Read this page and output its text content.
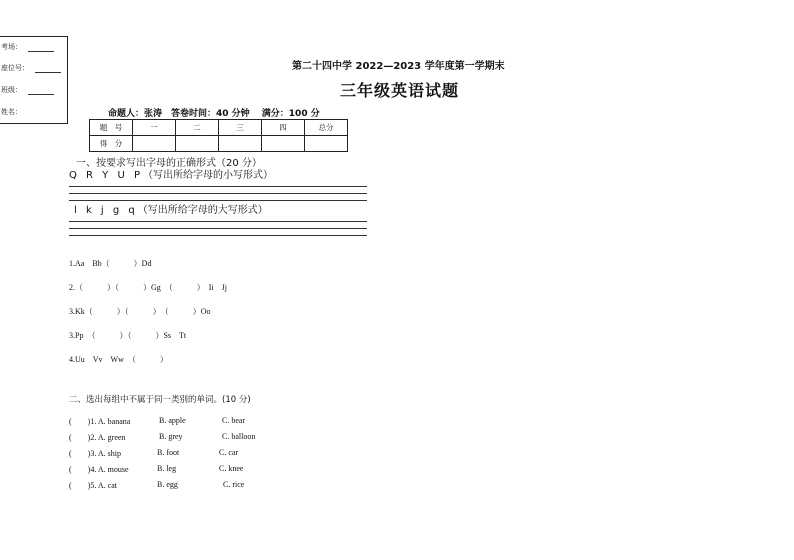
考场：
座位号：
班级：
姓名：
第二十四中学 2022—2023 学年度第一学期末
三年级英语试题
命题人：张涛　答卷时间：40 分钟　 满分：100 分
题　号	一	二	三	四	总分
得　分					
一、按要求写出字母的正确形式（20 分）
Q R Y U P（写出所给字母的小写形式）
l k j g q（写出所给字母的大写形式）
1.Aa　Bb（　　　）Dd
2.（　　　）（　　　）Gg　（　　　）　Ii　Jj
3.Kk（　　　）（　　　）　（　　　）Oo
3.Pp　（　　　）（　　　）Ss　Tt
4.Uu　Vv　Ww　（　　　）
二、选出每组中不属于同一类别的单词。(10 分)
(　　)1. A. banana	B. apple	C. bear
(　　)2. A. green	B. grey	C. balloon
(　　)3. A. ship	B. foot	C. car
(　　)4. A. mouse	B. leg	C. knee
(　　)5. A. cat	B. egg	C. rice
